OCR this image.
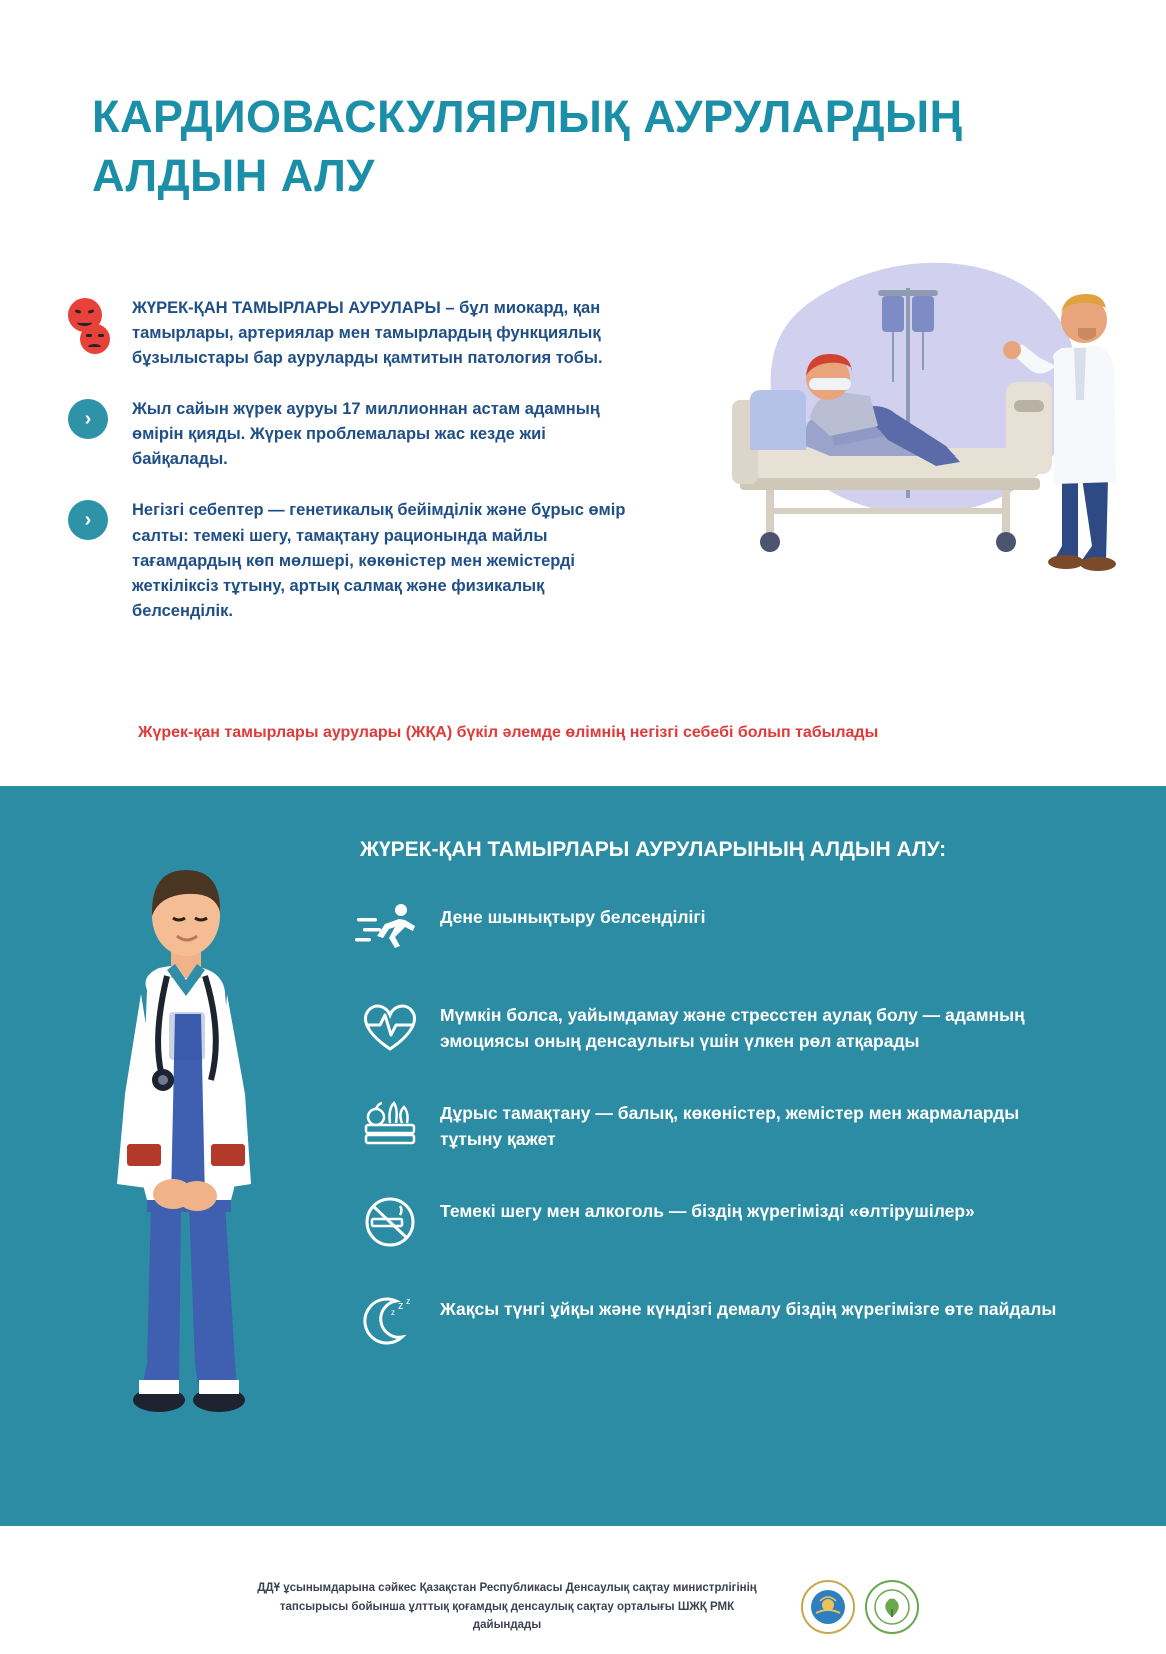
КАРДИОВАСКУЛЯРЛЫҚ АУРУЛАРДЫҢ АЛДЫН АЛУ
ЖҮРЕК-ҚАН ТАМЫРЛАРЫ АУРУЛАРЫ – бұл миокард, қан тамырлары, артериялар мен тамырлардың функциялық бұзылыстары бар ауруларды қамтитын патология тобы.
›	Жыл сайын жүрек ауруы 17 миллионнан астам адамның өмірін қияды. Жүрек проблемалары жас кезде жиі байқалады.
›	Негізгі себептер — генетикалық бейімділік және бұрыс өмір салты: темекі шегу, тамақтану рационында майлы тағамдардың көп мөлшері, көкөністер мен жемістерді жеткіліксіз тұтыну, артық салмақ және физикалық белсенділік.
Жүрек-қан тамырлары аурулары (ЖҚА) бүкіл әлемде өлімнің негізгі себебі болып табылады
ЖҮРЕК-ҚАН ТАМЫРЛАРЫ АУРУЛАРЫНЫҢ АЛДЫН АЛУ:
Дене шынықтыру белсенділігі
Мүмкін болса, уайымдамау және стресстен аулақ болу — адамның эмоциясы оның денсаулығы үшін үлкен рөл атқарады
Дұрыс тамақтану — балық, көкөністер, жемістер мен жармаларды тұтыну қажет
Темекі шегу мен алкоголь — біздің жүрегімізді «өлтірушілер»
z z
z	Жақсы түнгі ұйқы және күндізгі демалу біздің жүрегімізге өте пайдалы
ДДҰ ұсынымдарына сәйкес Қазақстан Республикасы Денсаулық сақтау министрлігінің тапсырысы бойынша ұлттық қоғамдық денсаулық сақтау орталығы ШЖҚ РМК дайындады
